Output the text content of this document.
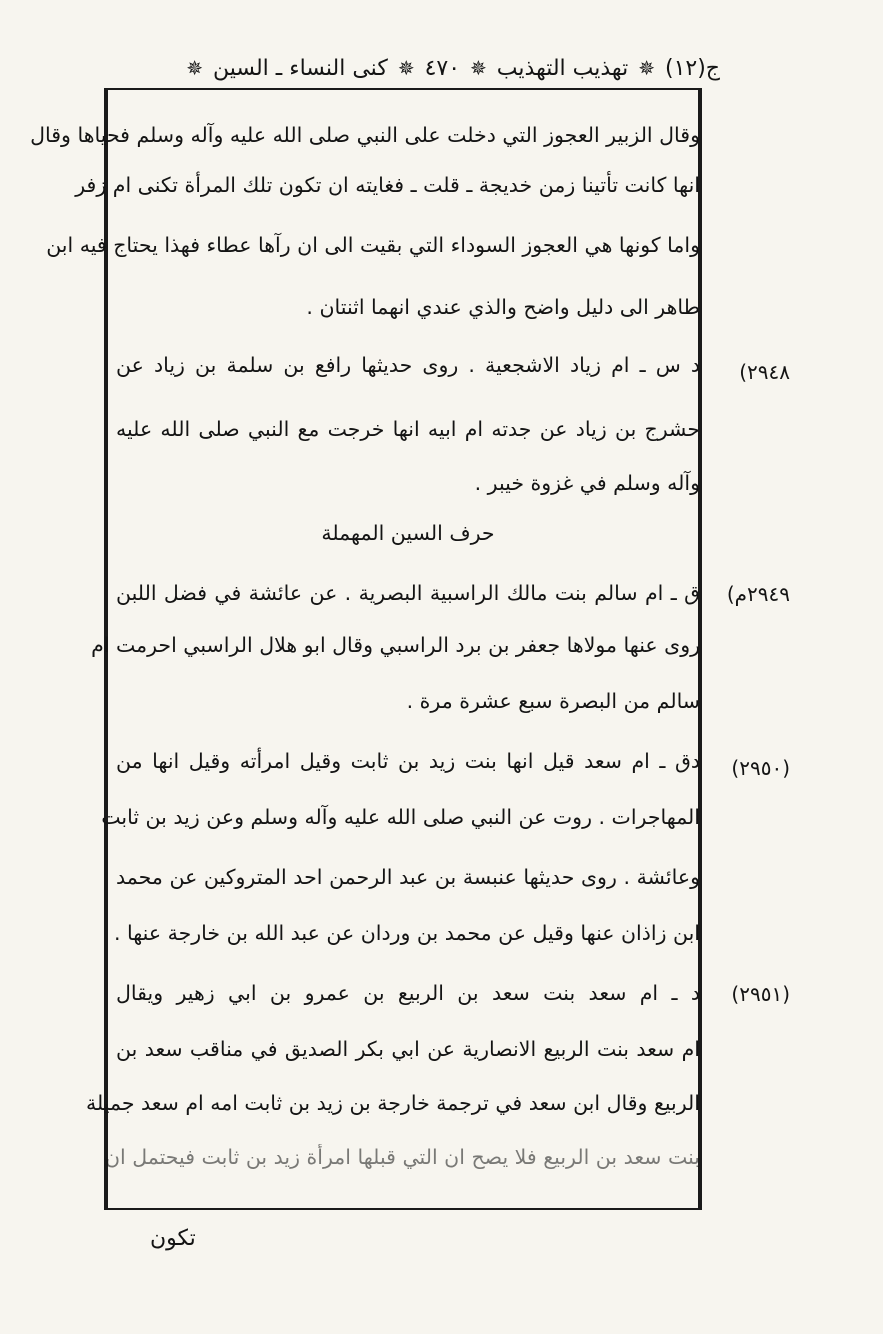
ج(١٢)
✵
تهذيب التهذيب
✵
٤٧٠
✵
كنى النساء ـ السين
✵
وقال الزبير العجوز التي دخلت على النبي صلى الله عليه وآله وسلم فحياها وقال
انها كانت تأتينا زمن خديجة ـ قلت ـ فغايته ان تكون تلك المرأة تكنى ام زفر
واما كونها هي العجوز السوداء التي بقيت الى ان رآها عطاء فهذا يحتاج فيه ابن
طاهر الى دليل واضح والذي عندي انهما اثنتان .
د س ـ ام زياد الاشجعية . روى حديثها رافع بن سلمة بن زياد عن
حشرج بن زياد عن جدته ام ابيه انها خرجت مع النبي صلى الله عليه
وآله وسلم في غزوة خيبر .
حرف السين المهملة
ق ـ ام سالم بنت مالك الراسبية البصرية . عن عائشة في فضل اللبن
روى عنها مولاها جعفر بن برد الراسبي وقال ابو هلال الراسبي احرمت ام
سالم من البصرة سبع عشرة مرة .
دق ـ ام سعد قيل انها بنت زيد بن ثابت وقيل امرأته وقيل انها من
المهاجرات . روت عن النبي صلى الله عليه وآله وسلم وعن زيد بن ثابت
وعائشة . روى حديثها عنبسة بن عبد الرحمن احد المتروكين عن محمد
ابن زاذان عنها وقيل عن محمد بن وردان عن عبد الله بن خارجة عنها .
د ـ ام سعد بنت سعد بن الربيع بن عمرو بن ابي زهير ويقال
ام سعد بنت الربيع الانصارية عن ابي بكر الصديق في مناقب سعد بن
الربيع وقال ابن سعد في ترجمة خارجة بن زيد بن ثابت امه ام سعد جميلة
بنت سعد بن الربيع فلا يصح ان التي قبلها امرأة زيد بن ثابت فيحتمل ان
(٢٩٤٨
(٢٩٤٩م
(٢٩٥٠)
(٢٩٥١)
تكون
